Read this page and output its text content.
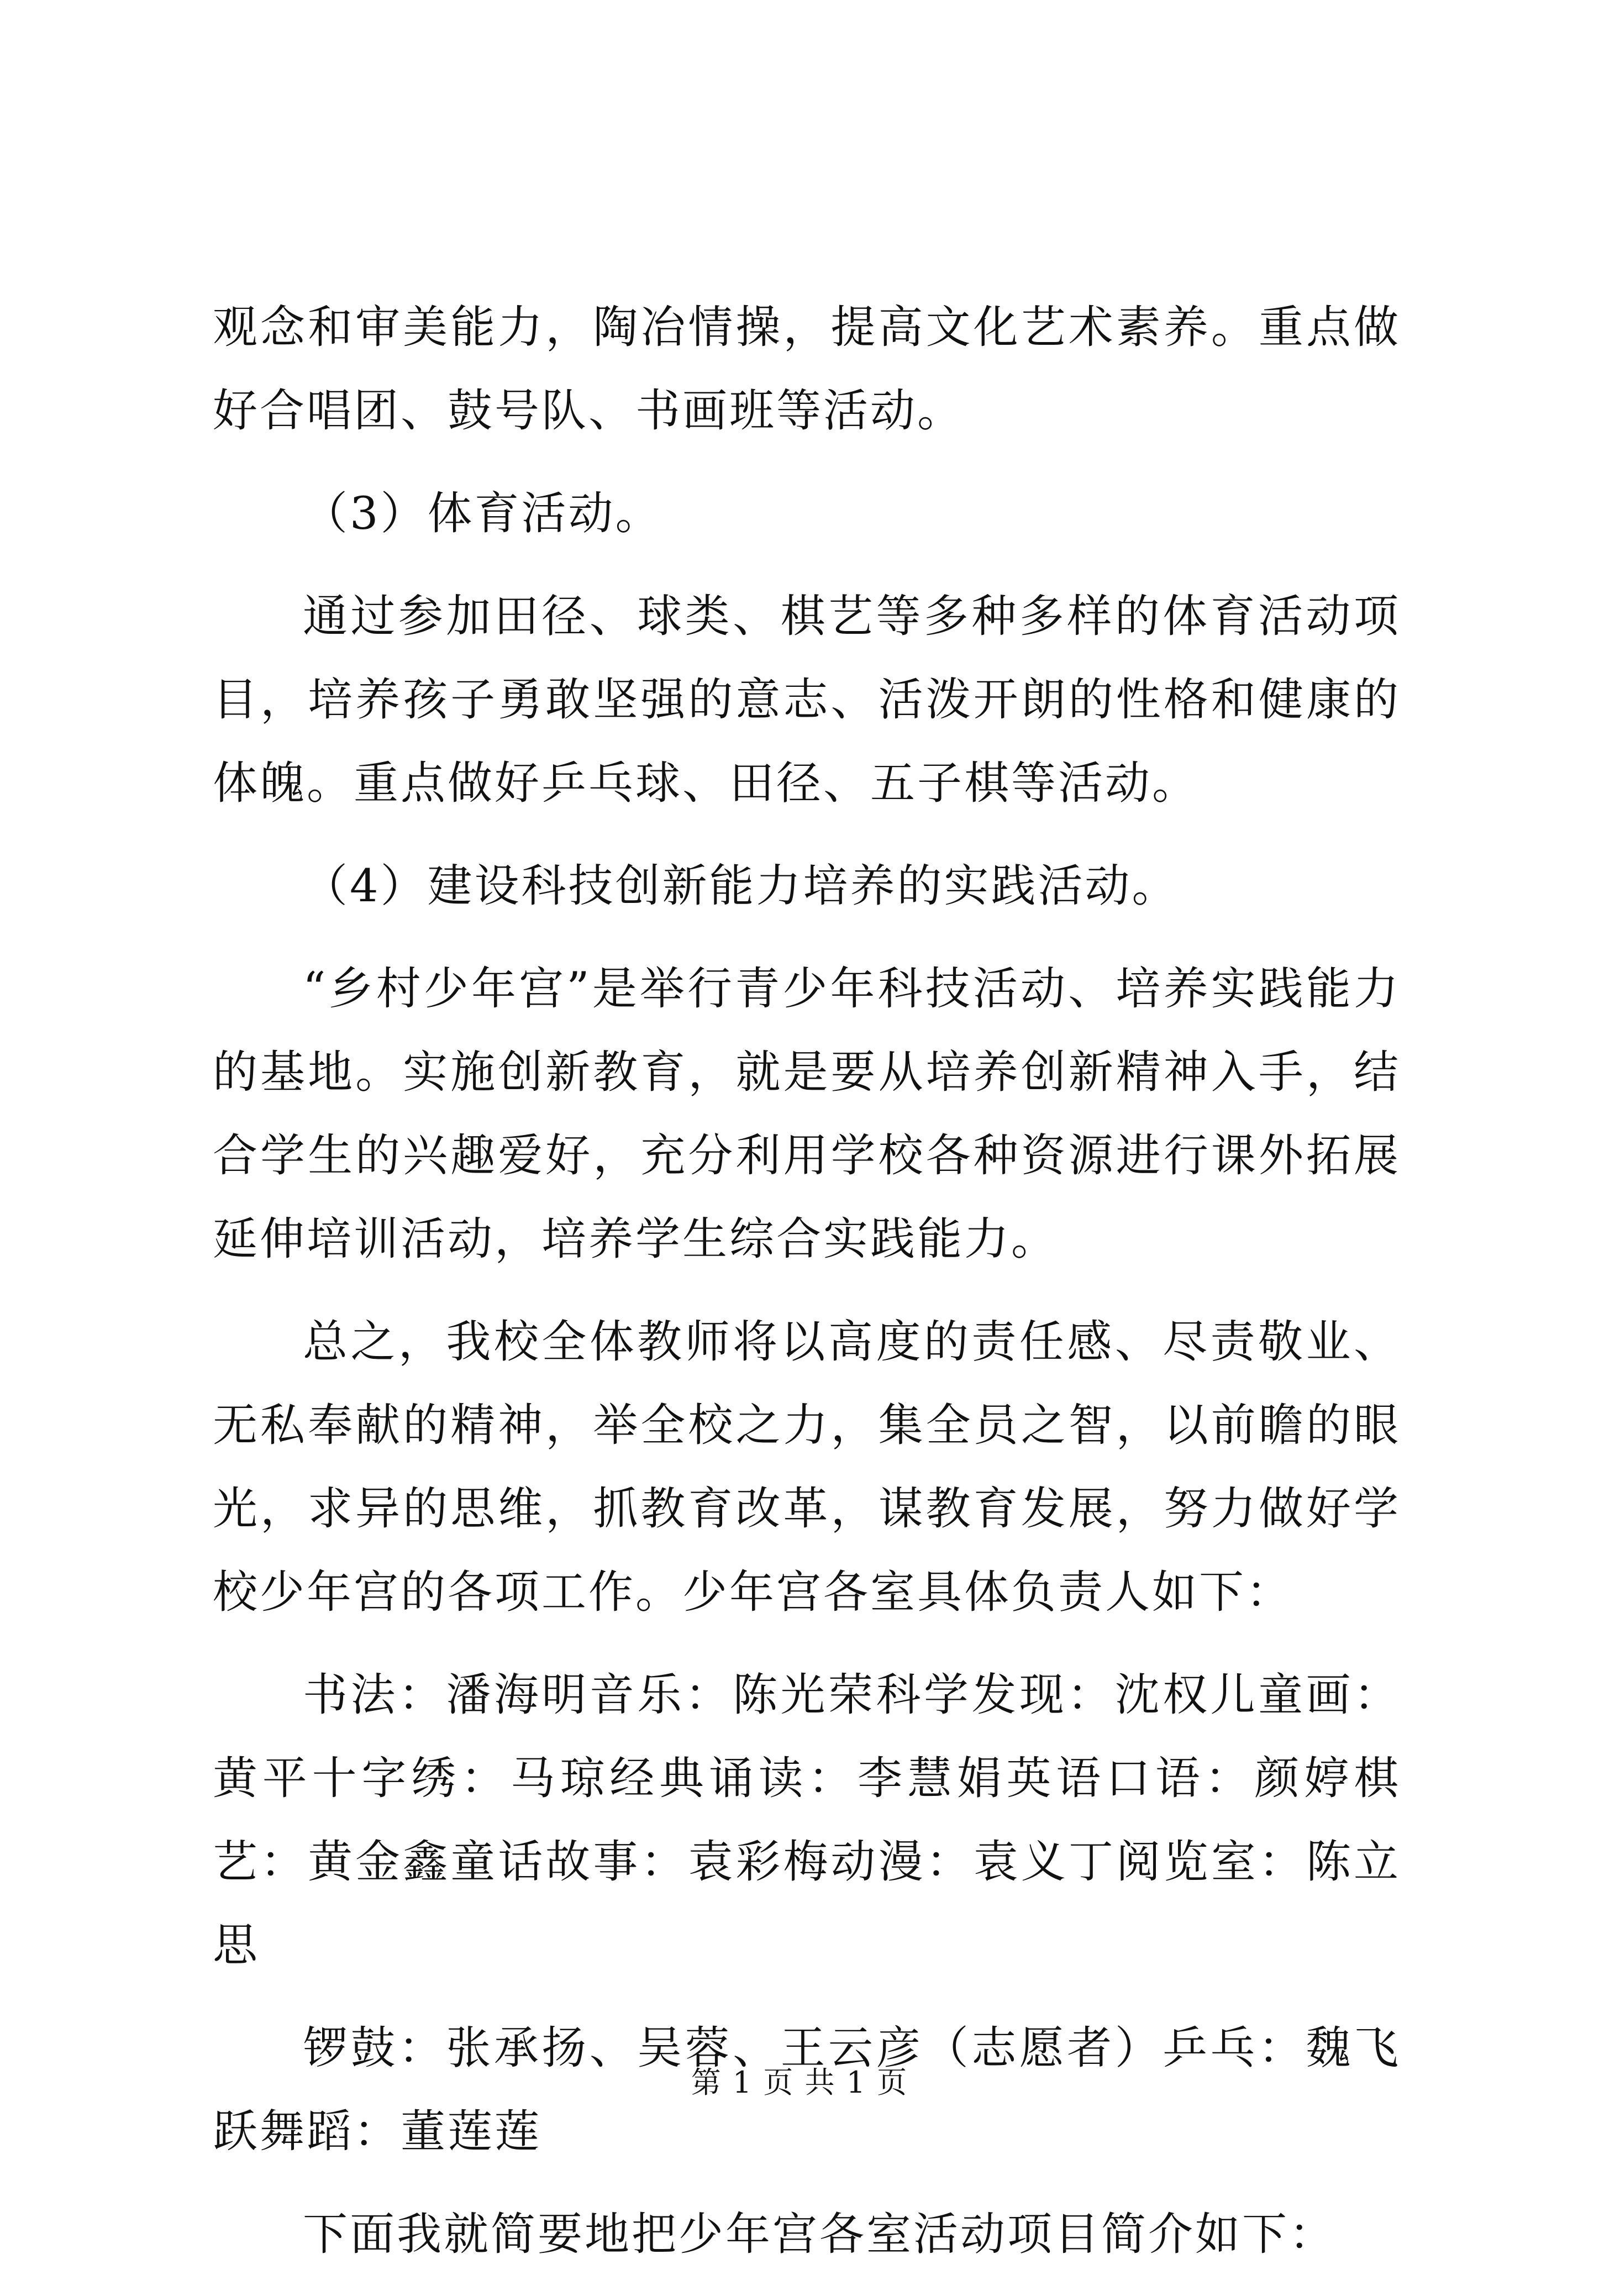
观念和审美能力，陶冶情操，提高文化艺术素养。重点做好合唱团、鼓号队、书画班等活动。

（3）体育活动。

通过参加田径、球类、棋艺等多种多样的体育活动项目，培养孩子勇敢坚强的意志、活泼开朗的性格和健康的体魄。重点做好乒乓球、田径、五子棋等活动。

（4）建设科技创新能力培养的实践活动。

“乡村少年宫”是举行青少年科技活动、培养实践能力的基地。实施创新教育，就是要从培养创新精神入手，结合学生的兴趣爱好，充分利用学校各种资源进行课外拓展延伸培训活动，培养学生综合实践能力。

总之，我校全体教师将以高度的责任感、尽责敬业、无私奉献的精神，举全校之力，集全员之智，以前瞻的眼光，求异的思维，抓教育改革，谋教育发展，努力做好学校少年宫的各项工作。少年宫各室具体负责人如下：

书法：潘海明音乐：陈光荣科学发现：沈权儿童画：黄平十字绣：马琼经典诵读：李慧娟英语口语：颜婷棋艺：黄金鑫童话故事：袁彩梅动漫：袁义丁阅览室：陈立思

锣鼓：张承扬、吴蓉、王云彦（志愿者）乒乓：魏飞跃舞蹈：董莲莲

下面我就简要地把少年宫各室活动项目简介如下：

第 1 页 共 1 页
